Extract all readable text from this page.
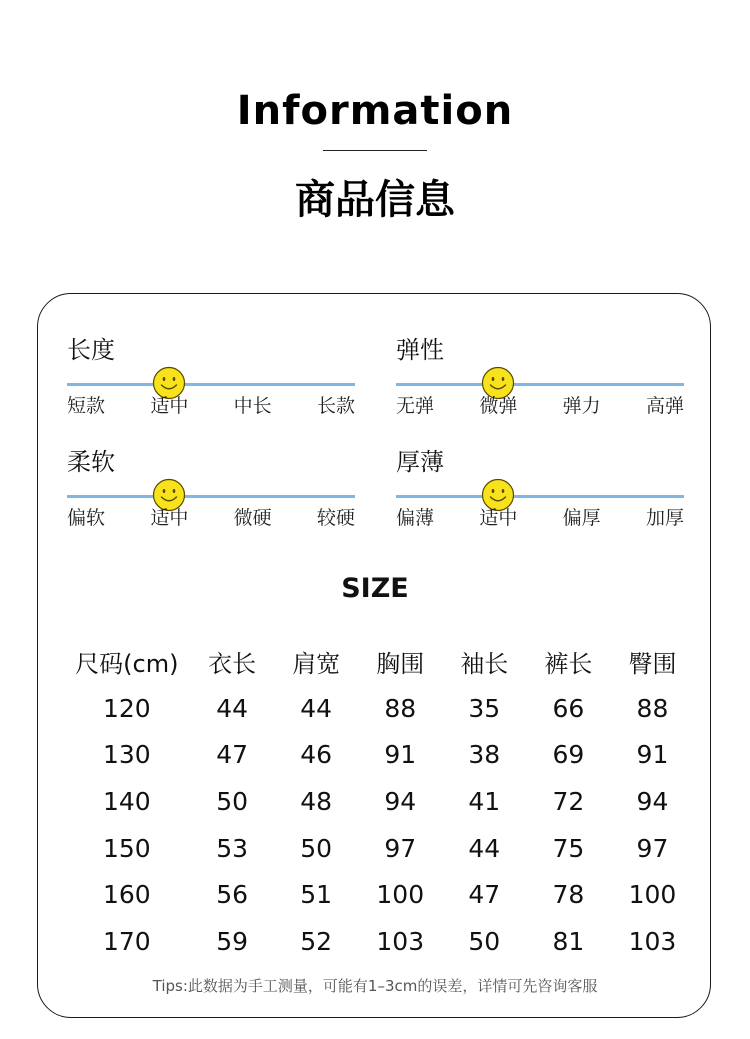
Information
商品信息
长度
短款 适中 中长 长款
弹性
无弹 微弹 弹力 高弹
柔软
偏软 适中 微硬 较硬
厚薄
偏薄 适中 偏厚 加厚
SIZE
尺码(cm)	衣长	肩宽	胸围	袖长	裤长	臀围
120	44	44	88	35	66	88
130	47	46	91	38	69	91
140	50	48	94	41	72	94
150	53	50	97	44	75	97
160	56	51	100	47	78	100
170	59	52	103	50	81	103
Tips:此数据为手工测量，可能有1–3cm的误差，详情可先咨询客服
